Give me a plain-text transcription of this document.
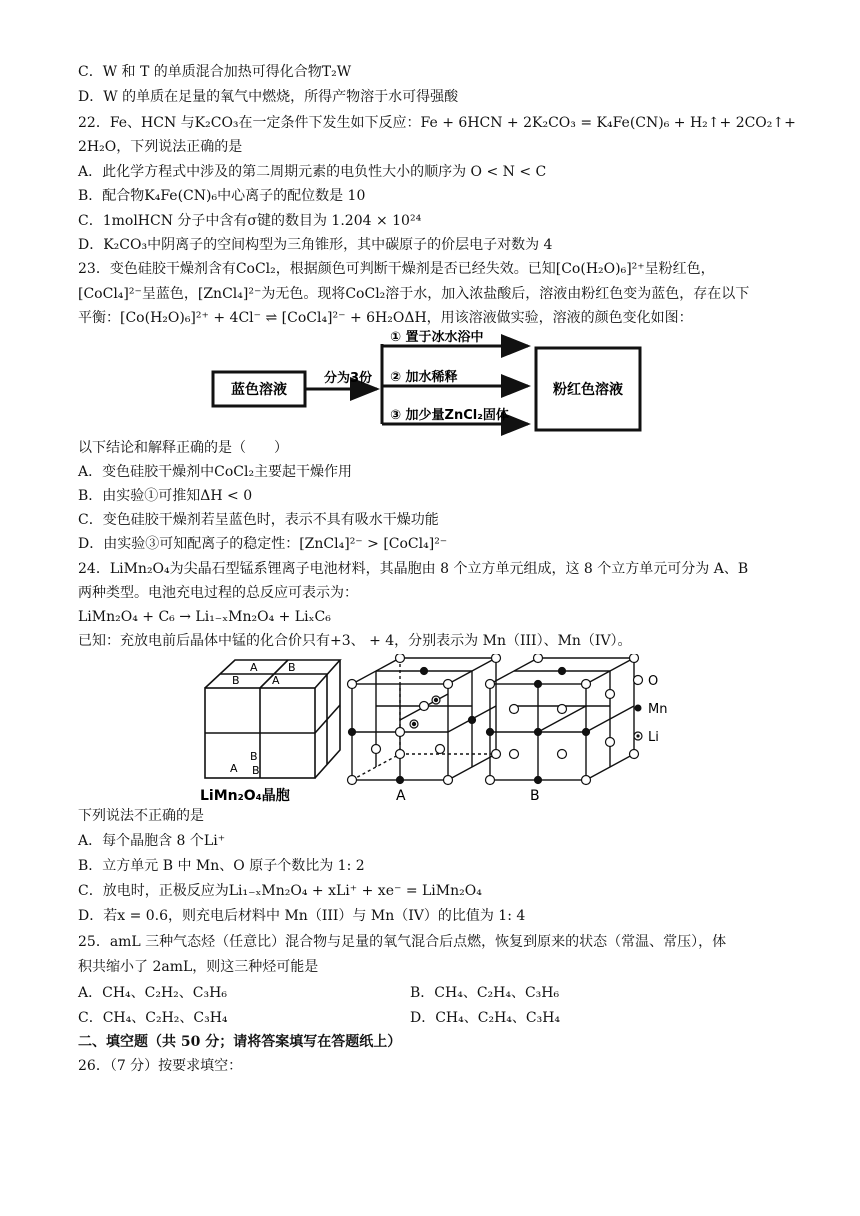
C．W 和 T 的单质混合加热可得化合物T₂W
D．W 的单质在足量的氧气中燃烧，所得产物溶于水可得强酸
22．Fe、HCN 与K₂CO₃在一定条件下发生如下反应：Fe + 6HCN + 2K₂CO₃ = K₄Fe(CN)₆ + H₂↑+ 2CO₂↑+
2H₂O，下列说法正确的是
A．此化学方程式中涉及的第二周期元素的电负性大小的顺序为 O < N < C
B．配合物K₄Fe(CN)₆中心离子的配位数是 10
C．1molHCN 分子中含有σ键的数目为 1.204 × 10²⁴
D．K₂CO₃中阴离子的空间构型为三角锥形，其中碳原子的价层电子对数为 4
23．变色硅胶干燥剂含有CoCl₂，根据颜色可判断干燥剂是否已经失效。已知[Co(H₂O)₆]²⁺呈粉红色，
[CoCl₄]²⁻呈蓝色，[ZnCl₄]²⁻为无色。现将CoCl₂溶于水，加入浓盐酸后，溶液由粉红色变为蓝色，存在以下
平衡：[Co(H₂O)₆]²⁺ + 4Cl⁻ ⇌ [CoCl₄]²⁻ + 6H₂OΔH，用该溶液做实验，溶液的颜色变化如图：
蓝色溶液
分为3份
① 置于冰水浴中
② 加水稀释
③ 加少量ZnCl₂固体
粉红色溶液
以下结论和解释正确的是（　　）
A．变色硅胶干燥剂中CoCl₂主要起干燥作用
B．由实验①可推知ΔH < 0
C．变色硅胶干燥剂若呈蓝色时，表示不具有吸水干燥功能
D．由实验③可知配离子的稳定性：[ZnCl₄]²⁻ > [CoCl₄]²⁻
24．LiMn₂O₄为尖晶石型锰系锂离子电池材料，其晶胞由 8 个立方单元组成，这 8 个立方单元可分为 A、B
两种类型。电池充电过程的总反应可表示为：
LiMn₂O₄ + C₆ → Li₁₋ₓMn₂O₄ + LiₓC₆
已知：充放电前后晶体中锰的化合价只有+3、 + 4，分别表示为 Mn（III）、Mn（IV）。
A	B
B	A
B
A B
LiMn₂O₄晶胞	A	B
O
Mn
Li
下列说法不正确的是
A．每个晶胞含 8 个Li⁺
B．立方单元 B 中 Mn、O 原子个数比为 1: 2
C．放电时，正极反应为Li₁₋ₓMn₂O₄ + xLi⁺ + xe⁻ = LiMn₂O₄
D．若x = 0.6，则充电后材料中 Mn（III）与 Mn（IV）的比值为 1: 4
25．amL 三种气态烃（任意比）混合物与足量的氧气混合后点燃，恢复到原来的状态（常温、常压），体
积共缩小了 2amL，则这三种烃可能是
A．CH₄、C₂H₂、C₃H₆	B．CH₄、C₂H₄、C₃H₆
C．CH₄、C₂H₂、C₃H₄	D．CH₄、C₂H₄、C₃H₄
二、填空题（共 50 分；请将答案填写在答题纸上）
26．（7 分）按要求填空：
